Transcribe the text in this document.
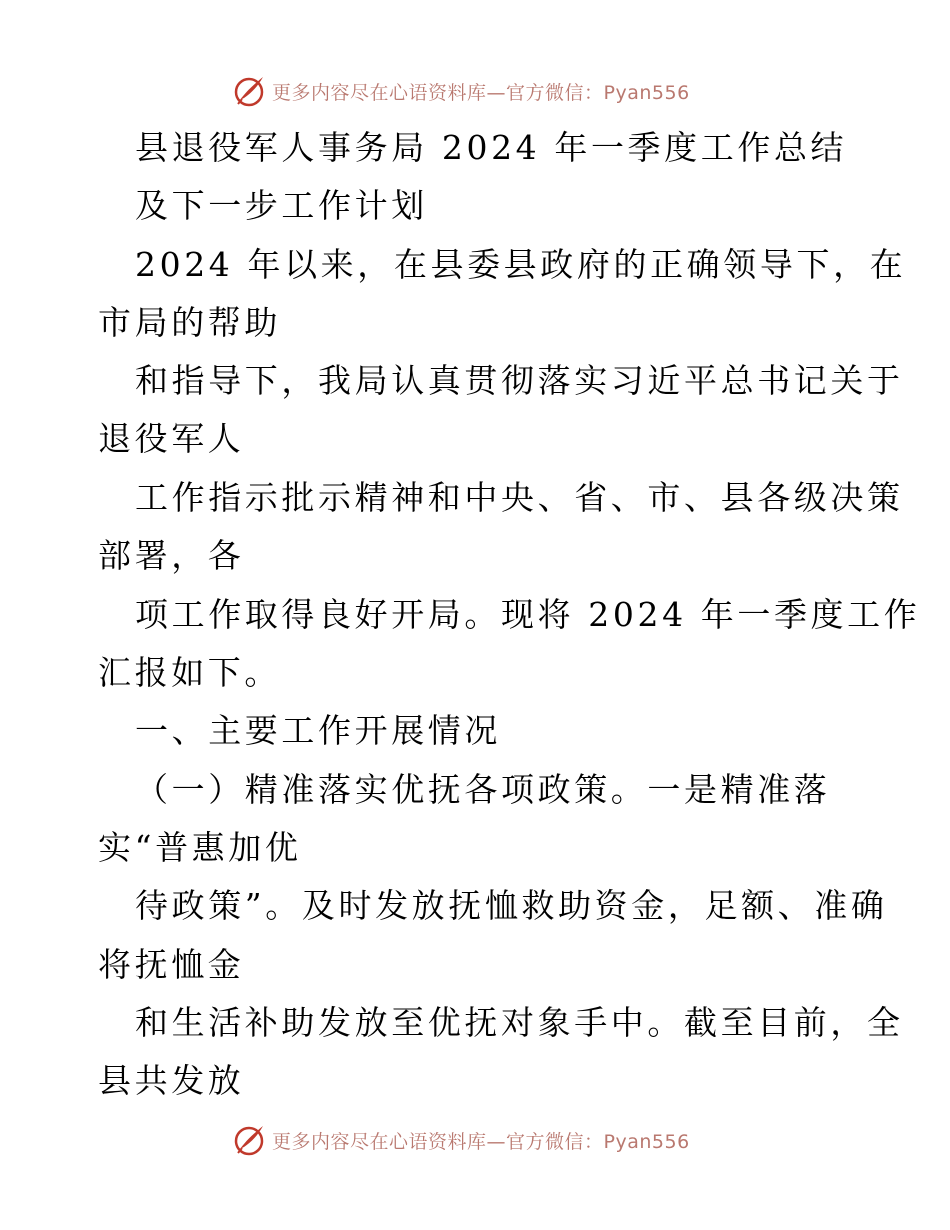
更多内容尽在心语资料库—官方微信：Pyan556
县退役军人事务局 2024 年一季度工作总结
及下一步工作计划
2024 年以来，在县委县政府的正确领导下，在
市局的帮助
和指导下，我局认真贯彻落实习近平总书记关于
退役军人
工作指示批示精神和中央、省、市、县各级决策
部署，各
项工作取得良好开局。现将 2024 年一季度工作
汇报如下。
一、主要工作开展情况
（一）精准落实优抚各项政策。一是精准落
实“普惠加优
待政策”。及时发放抚恤救助资金，足额、准确
将抚恤金
和生活补助发放至优抚对象手中。截至目前，全
县共发放
更多内容尽在心语资料库—官方微信：Pyan556
